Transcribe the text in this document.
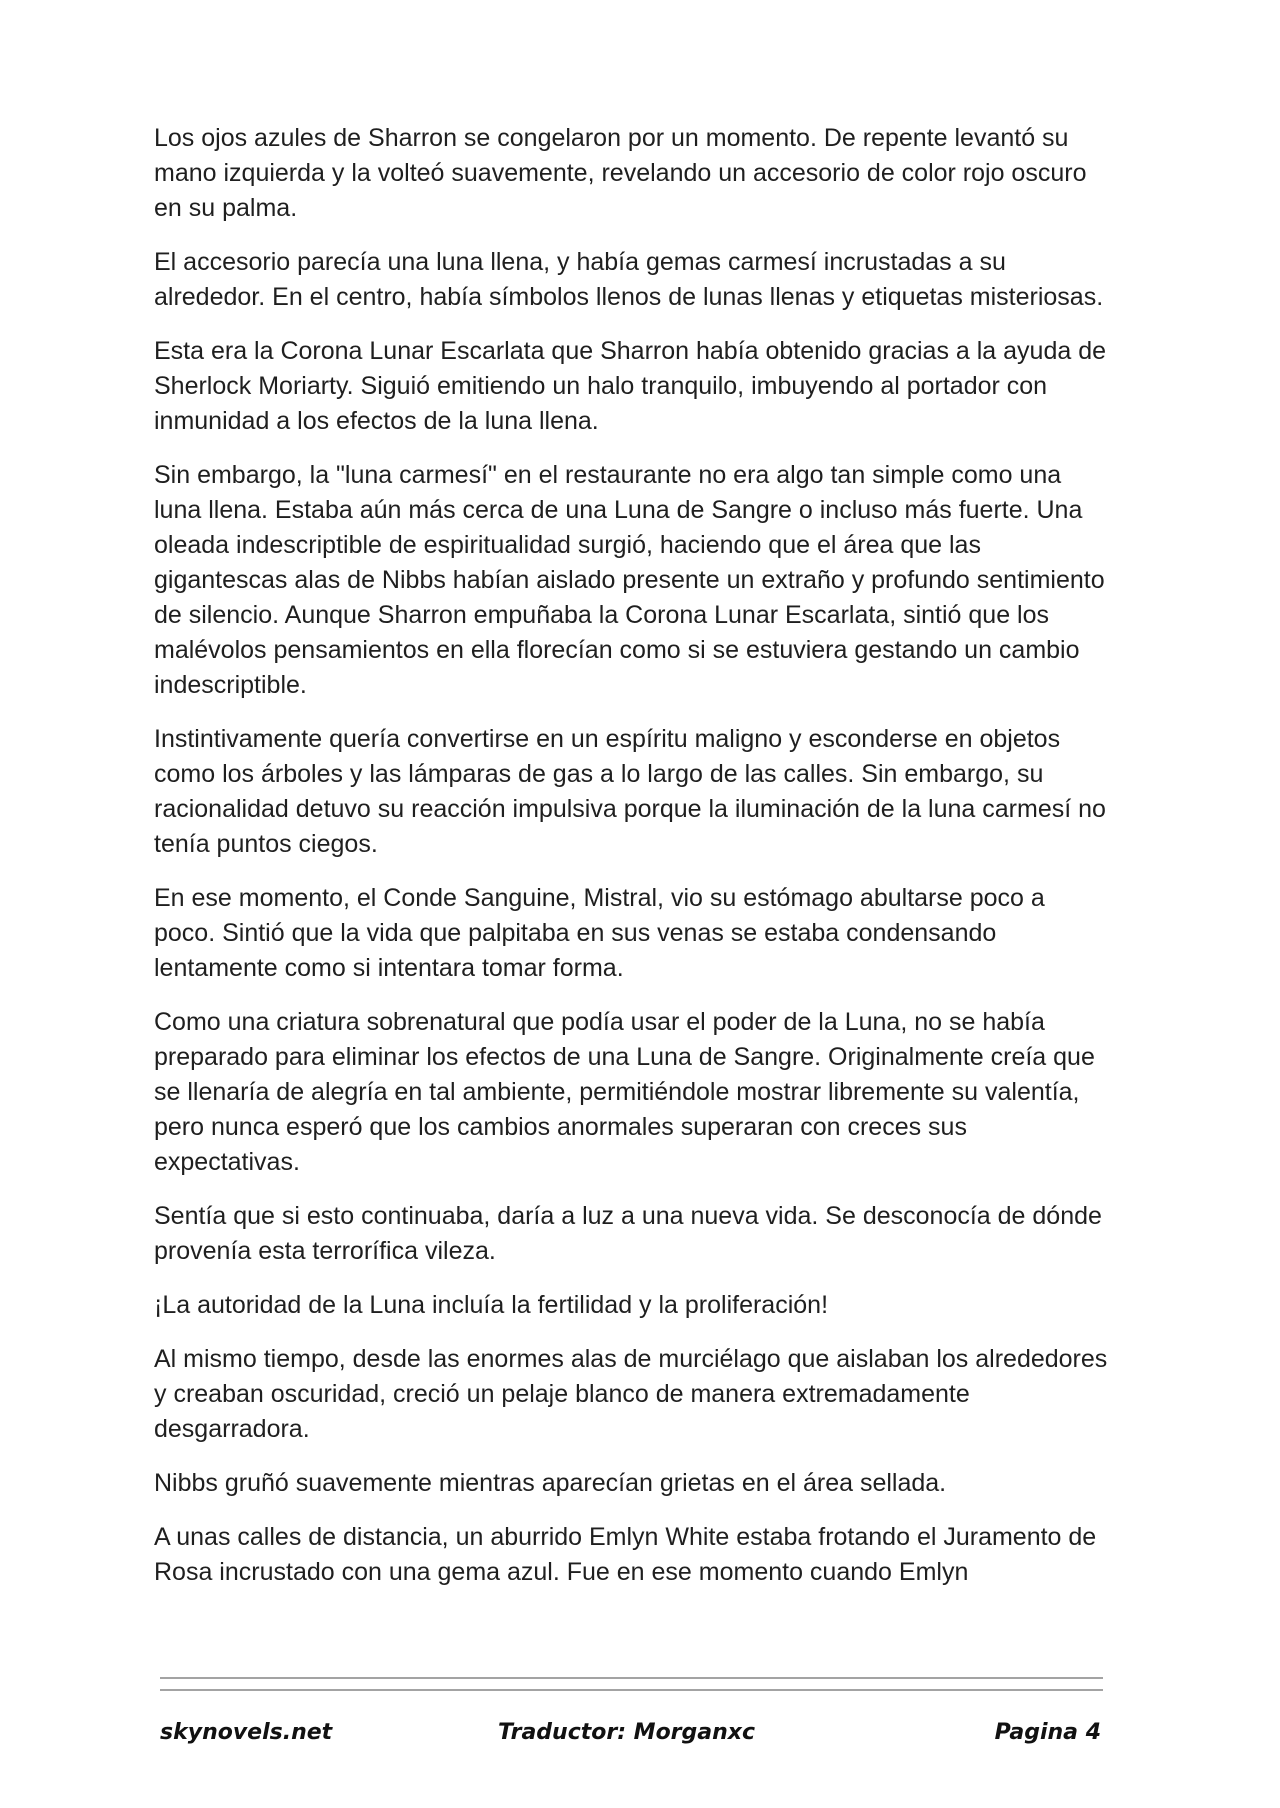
Los ojos azules de Sharron se congelaron por un momento. De repente levantó su mano izquierda y la volteó suavemente, revelando un accesorio de color rojo oscuro en su palma.

El accesorio parecía una luna llena, y había gemas carmesí incrustadas a su alrededor. En el centro, había símbolos llenos de lunas llenas y etiquetas misteriosas.

Esta era la Corona Lunar Escarlata que Sharron había obtenido gracias a la ayuda de Sherlock Moriarty. Siguió emitiendo un halo tranquilo, imbuyendo al portador con inmunidad a los efectos de la luna llena.

Sin embargo, la "luna carmesí" en el restaurante no era algo tan simple como una luna llena. Estaba aún más cerca de una Luna de Sangre o incluso más fuerte. Una oleada indescriptible de espiritualidad surgió, haciendo que el área que las gigantescas alas de Nibbs habían aislado presente un extraño y profundo sentimiento de silencio. Aunque Sharron empuñaba la Corona Lunar Escarlata, sintió que los malévolos pensamientos en ella florecían como si se estuviera gestando un cambio indescriptible.

Instintivamente quería convertirse en un espíritu maligno y esconderse en objetos como los árboles y las lámparas de gas a lo largo de las calles. Sin embargo, su racionalidad detuvo su reacción impulsiva porque la iluminación de la luna carmesí no tenía puntos ciegos.

En ese momento, el Conde Sanguine, Mistral, vio su estómago abultarse poco a poco. Sintió que la vida que palpitaba en sus venas se estaba condensando lentamente como si intentara tomar forma.

Como una criatura sobrenatural que podía usar el poder de la Luna, no se había preparado para eliminar los efectos de una Luna de Sangre. Originalmente creía que se llenaría de alegría en tal ambiente, permitiéndole mostrar libremente su valentía, pero nunca esperó que los cambios anormales superaran con creces sus expectativas.

Sentía que si esto continuaba, daría a luz a una nueva vida. Se desconocía de dónde provenía esta terrorífica vileza.

¡La autoridad de la Luna incluía la fertilidad y la proliferación!

Al mismo tiempo, desde las enormes alas de murciélago que aislaban los alrededores y creaban oscuridad, creció un pelaje blanco de manera extremadamente desgarradora.

Nibbs gruñó suavemente mientras aparecían grietas en el área sellada.

A unas calles de distancia, un aburrido Emlyn White estaba frotando el Juramento de Rosa incrustado con una gema azul. Fue en ese momento cuando Emlyn

skynovels.net	Traductor: Morganxc	Pagina 4
